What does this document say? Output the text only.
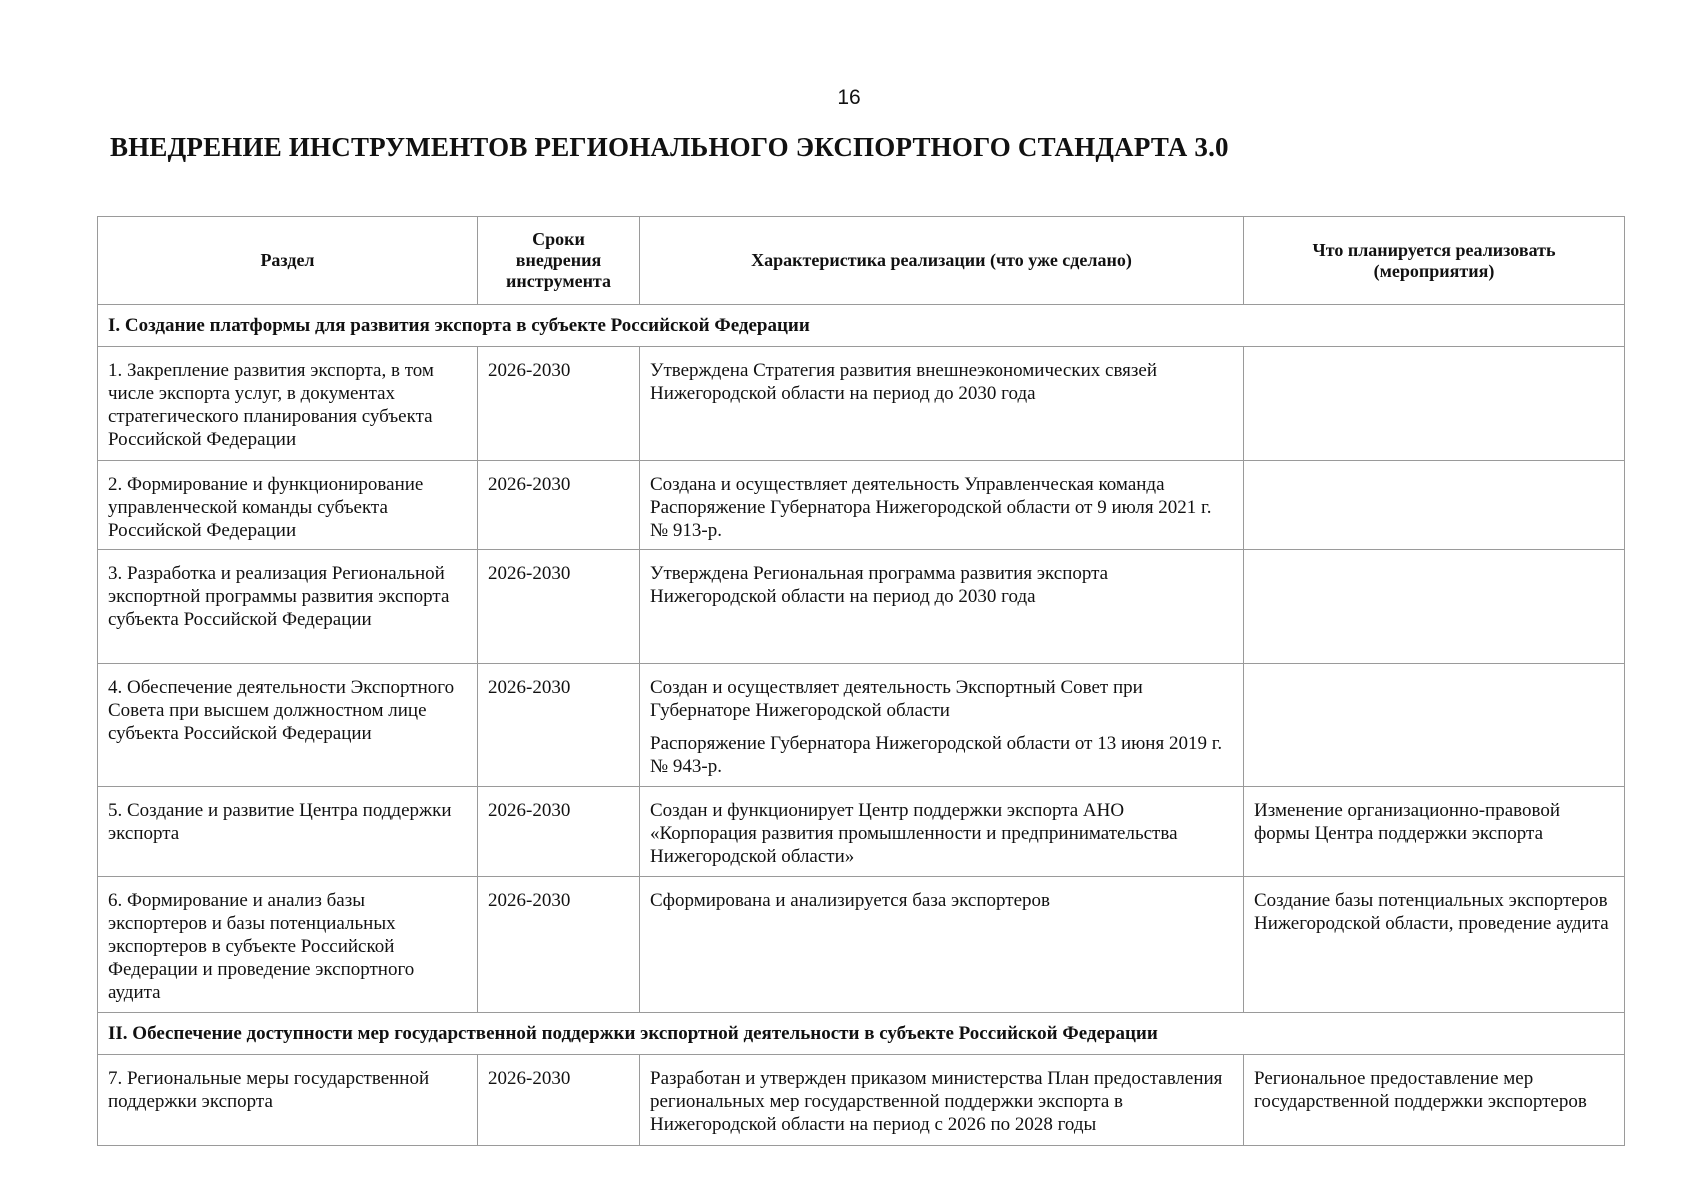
16
ВНЕДРЕНИЕ ИНСТРУМЕНТОВ РЕГИОНАЛЬНОГО ЭКСПОРТНОГО СТАНДАРТА 3.0
Раздел	Сроки внедрения инструмента	Характеристика реализации (что уже сделано)	Что планируется реализовать (мероприятия)
I. Создание платформы для развития экспорта в субъекте Российской Федерации			
1. Закрепление развития экспорта, в том числе экспорта услуг, в документах стратегического планирования субъекта Российской Федерации	2026-2030	Утверждена Стратегия развития внешнеэкономических связей Нижегородской области на период до 2030 года	

2. Формирование и функционирование управленческой команды субъекта Российской Федерации	2026-2030	Создана и осуществляет деятельность Управленческая команда Распоряжение Губернатора Нижегородской области от 9 июля 2021 г. № 913-р.	

3. Разработка и реализация Региональной экспортной программы развития экспорта субъекта Российской Федерации	2026-2030	Утверждена Региональная программа развития экспорта Нижегородской области на период до 2030 года	

4. Обеспечение деятельности Экспортного Совета при высшем должностном лице субъекта Российской Федерации	2026-2030	Создан и осуществляет деятельность Экспортный Совет при Губернаторе Нижегородской области

Распоряжение Губернатора Нижегородской области от 13 июня 2019 г. № 943-р.	

5. Создание и развитие Центра поддержки экспорта	2026-2030	Создан и функционирует Центр поддержки экспорта АНО «Корпорация развития промышленности и предпринимательства Нижегородской области»	Изменение организационно-правовой формы Центра поддержки экспорта
6. Формирование и анализ базы экспортеров и базы потенциальных экспортеров в субъекте Российской Федерации и проведение экспортного аудита	2026-2030	Сформирована и анализируется база экспортеров	Создание базы потенциальных экспортеров Нижегородской области, проведение аудита
II. Обеспечение доступности мер государственной поддержки экспортной деятельности в субъекте Российской Федерации			
7. Региональные меры государственной поддержки экспорта	2026-2030	Разработан и утвержден приказом министерства План предоставления региональных мер государственной поддержки экспорта в Нижегородской области на период с 2026 по 2028 годы	Региональное предоставление мер государственной поддержки экспортеров
